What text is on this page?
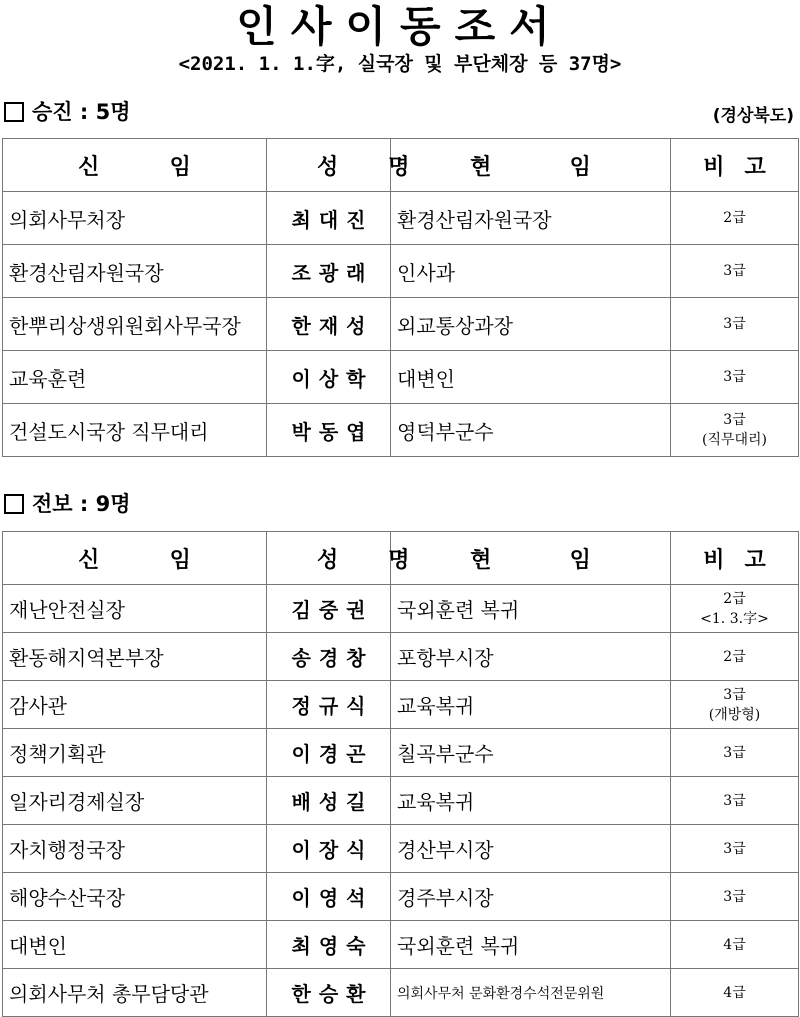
인사이동조서
<2021. 1. 1.字, 실국장 및 부단체장 등 37명>
승진 : 5명	(경상북도)
신 임	성명	현 임	비고
의회사무처장	최대진	환경산림자원국장	2급

환경산림자원국장	조광래	인사과	3급

한뿌리상생위원회사무국장	한재성	외교통상과장	3급

교육훈련	이상학	대변인	3급

건설도시국장 직무대리	박동엽	영덕부군수	3급
(직무대리)
전보 : 9명
신 임	성명	현 임	비고
재난안전실장	김중권	국외훈련 복귀	2급
<1. 3.字>

환동해지역본부장	송경창	포항부시장	2급

감사관	정규식	교육복귀	3급
(개방형)

정책기획관	이경곤	칠곡부군수	3급

일자리경제실장	배성길	교육복귀	3급

자치행정국장	이장식	경산부시장	3급

해양수산국장	이영석	경주부시장	3급

대변인	최영숙	국외훈련 복귀	4급

의회사무처 총무담당관	한승환	의회사무처 문화환경수석전문위원	4급
